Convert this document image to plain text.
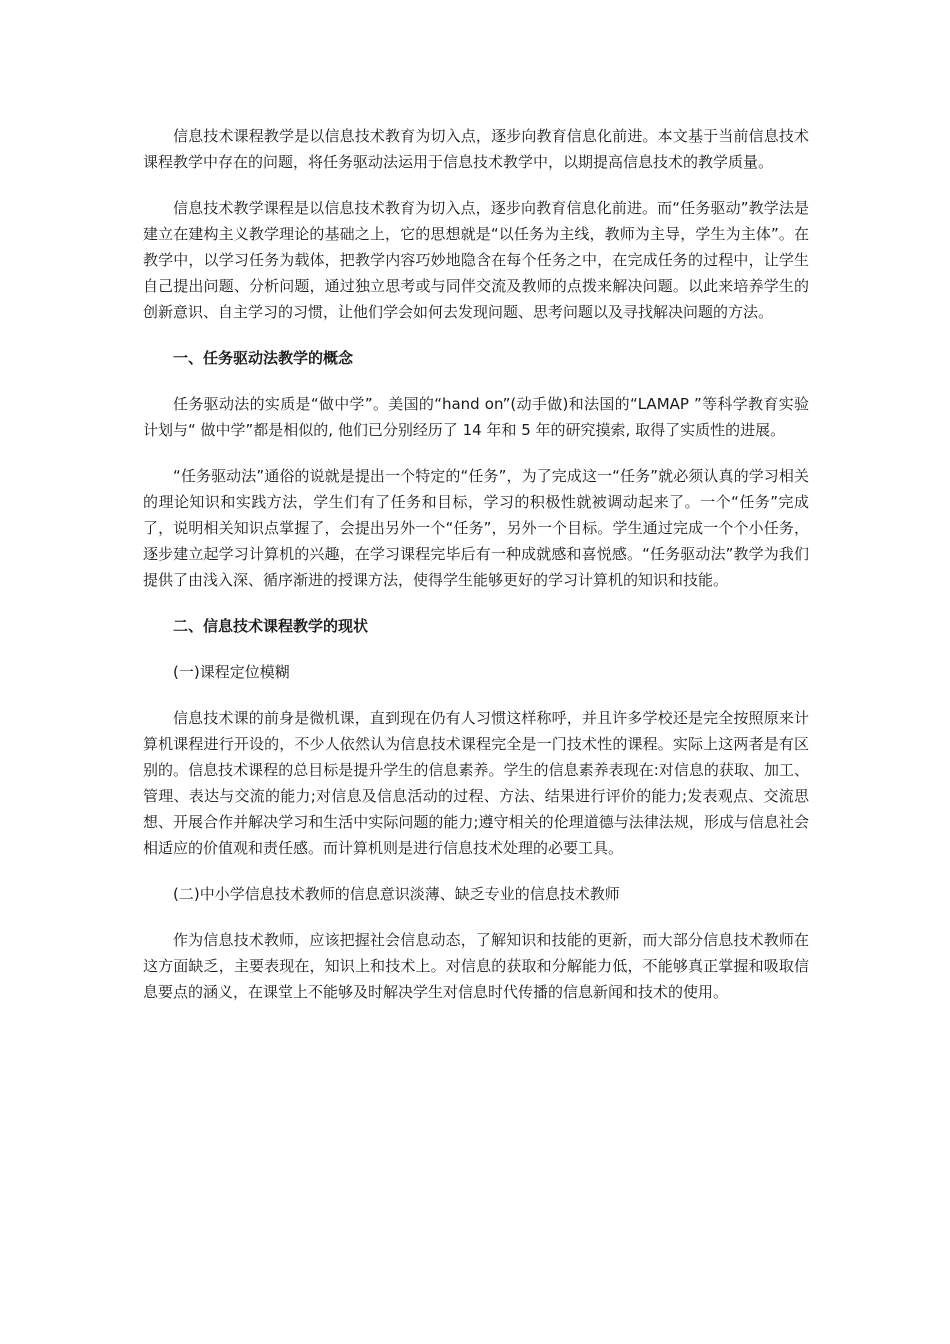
信息技术课程教学是以信息技术教育为切入点，逐步向教育信息化前进。本文基于当前信息技术课程教学中存在的问题，将任务驱动法运用于信息技术教学中，以期提高信息技术的教学质量。

信息技术教学课程是以信息技术教育为切入点，逐步向教育信息化前进。而“任务驱动”教学法是建立在建构主义教学理论的基础之上，它的思想就是“以任务为主线，教师为主导，学生为主体”。在教学中，以学习任务为载体，把教学内容巧妙地隐含在每个任务之中，在完成任务的过程中，让学生自己提出问题、分析问题，通过独立思考或与同伴交流及教师的点拨来解决问题。以此来培养学生的创新意识、自主学习的习惯，让他们学会如何去发现问题、思考问题以及寻找解决问题的方法。

一、任务驱动法教学的概念

任务驱动法的实质是“做中学”。美国的“hand on”(动手做)和法国的“LAMAP ”等科学教育实验计划与“ 做中学”都是相似的, 他们已分别经历了 14 年和 5 年的研究摸索, 取得了实质性的进展。

“任务驱动法”通俗的说就是提出一个特定的“任务”，为了完成这一“任务”就必须认真的学习相关的理论知识和实践方法，学生们有了任务和目标，学习的积极性就被调动起来了。一个“任务”完成了，说明相关知识点掌握了，会提出另外一个“任务”，另外一个目标。学生通过完成一个个小任务，逐步建立起学习计算机的兴趣，在学习课程完毕后有一种成就感和喜悦感。“任务驱动法”教学为我们提供了由浅入深、循序渐进的授课方法，使得学生能够更好的学习计算机的知识和技能。

二、信息技术课程教学的现状

(一)课程定位模糊

信息技术课的前身是微机课，直到现在仍有人习惯这样称呼，并且许多学校还是完全按照原来计算机课程进行开设的，不少人依然认为信息技术课程完全是一门技术性的课程。实际上这两者是有区别的。信息技术课程的总目标是提升学生的信息素养。学生的信息素养表现在:对信息的获取、加工、管理、表达与交流的能力;对信息及信息活动的过程、方法、结果进行评价的能力;发表观点、交流思想、开展合作并解决学习和生活中实际问题的能力;遵守相关的伦理道德与法律法规，形成与信息社会相适应的价值观和责任感。而计算机则是进行信息技术处理的必要工具。

(二)中小学信息技术教师的信息意识淡薄、缺乏专业的信息技术教师

作为信息技术教师，应该把握社会信息动态，了解知识和技能的更新，而大部分信息技术教师在这方面缺乏，主要表现在，知识上和技术上。对信息的获取和分解能力低，不能够真正掌握和吸取信息要点的涵义，在课堂上不能够及时解决学生对信息时代传播的信息新闻和技术的使用。
